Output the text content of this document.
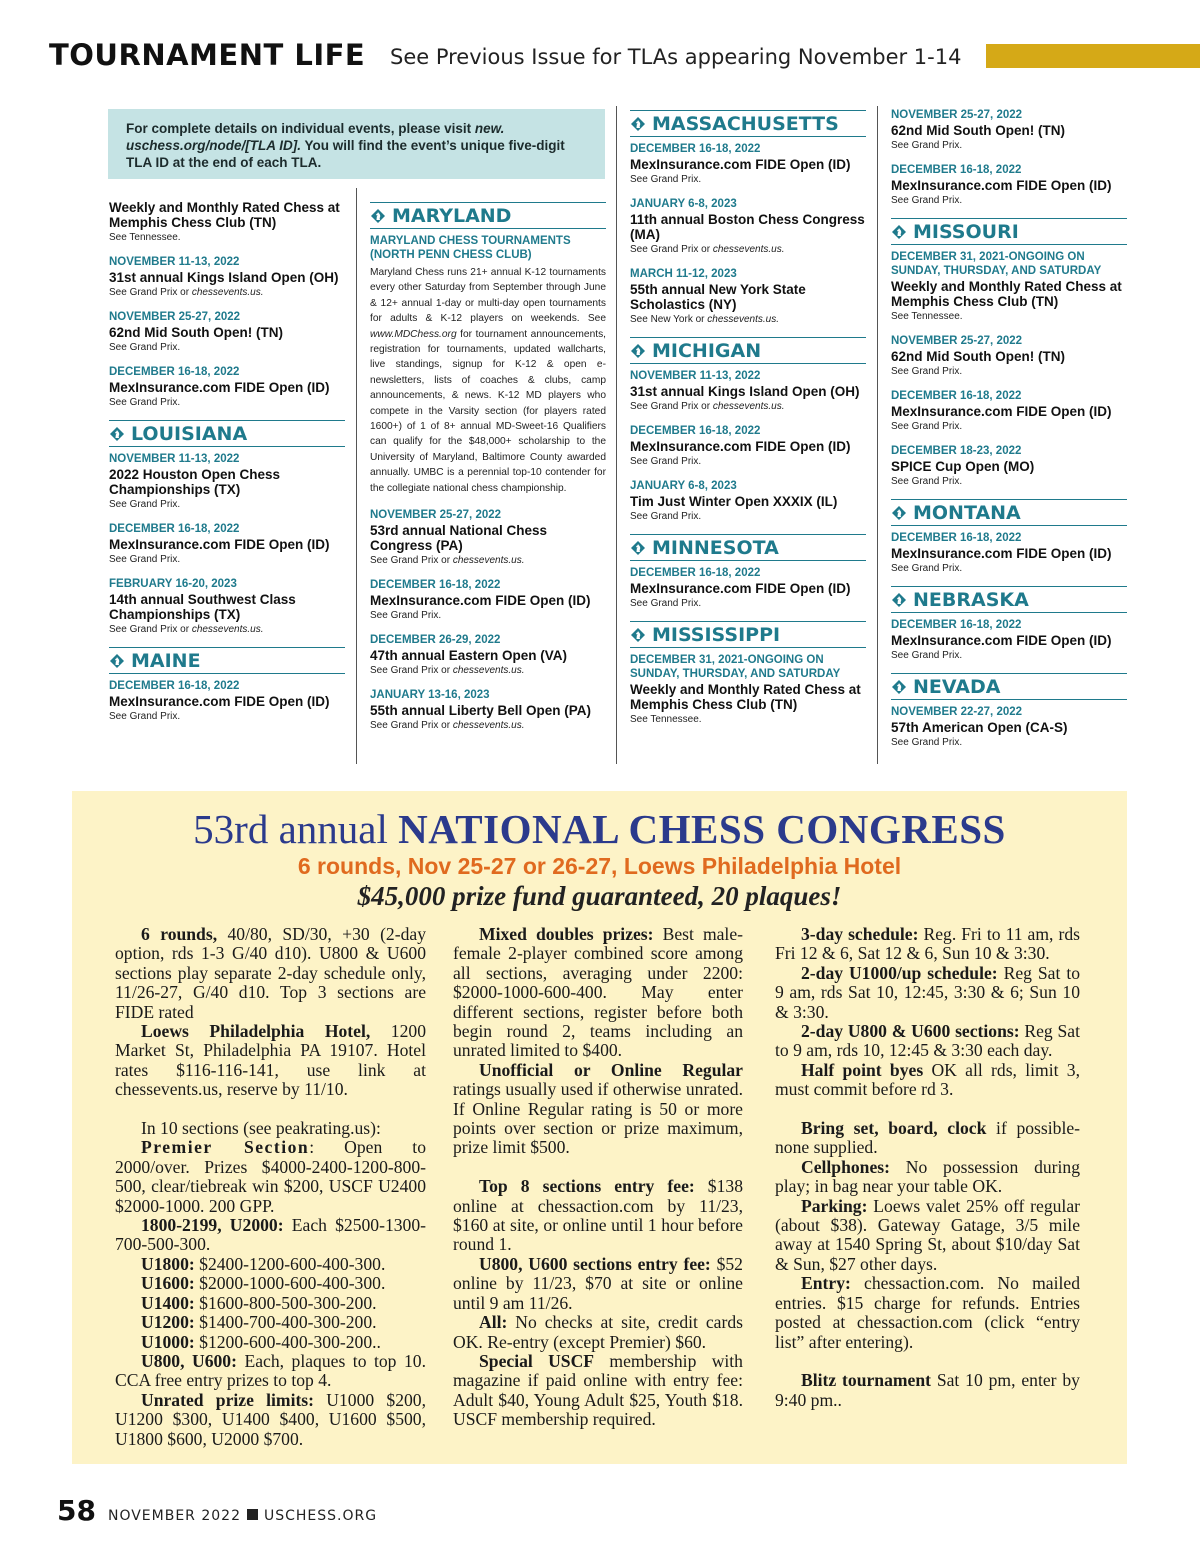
TOURNAMENT LIFE See Previous Issue for TLAs appearing November 1-14
For complete details on individual events, please visit new. uschess.org/node/[TLA ID]. You will find the event’s unique five-digit TLA ID at the end of each TLA.
Weekly and Monthly Rated Chess at Memphis Chess Club (TN)
See Tennessee.
NOVEMBER 11-13, 2022
31st annual Kings Island Open (OH)
See Grand Prix or chessevents.us.
NOVEMBER 25-27, 2022
62nd Mid South Open! (TN)
See Grand Prix.
DECEMBER 16-18, 2022
MexInsurance.com FIDE Open (ID)
See Grand Prix.
LOUISIANA
NOVEMBER 11-13, 2022
2022 Houston Open Chess Championships (TX)
See Grand Prix.
DECEMBER 16-18, 2022
MexInsurance.com FIDE Open (ID)
See Grand Prix.
FEBRUARY 16-20, 2023
14th annual Southwest Class Championships (TX)
See Grand Prix or chessevents.us.
MAINE
DECEMBER 16-18, 2022
MexInsurance.com FIDE Open (ID)
See Grand Prix.
MARYLAND
MARYLAND CHESS TOURNAMENTS (NORTH PENN CHESS CLUB)
Maryland Chess runs 21+ annual K-12 tournaments every other Saturday from September through June & 12+ annual 1-day or multi-day open tournaments for adults & K-12 players on weekends. See www.MDChess.org for tournament announcements, registration for tournaments, updated wallcharts, live standings, signup for K-12 & open e-newsletters, lists of coaches & clubs, camp announcements, & news. K-12 MD players who compete in the Varsity section (for players rated 1600+) of 1 of 8+ annual MD-Sweet-16 Qualifiers can qualify for the $48,000+ scholarship to the University of Maryland, Baltimore County awarded annually. UMBC is a perennial top-10 contender for the collegiate national chess championship.
NOVEMBER 25-27, 2022
53rd annual National Chess Congress (PA)
See Grand Prix or chessevents.us.
DECEMBER 16-18, 2022
MexInsurance.com FIDE Open (ID)
See Grand Prix.
DECEMBER 26-29, 2022
47th annual Eastern Open (VA)
See Grand Prix or chessevents.us.
JANUARY 13-16, 2023
55th annual Liberty Bell Open (PA)
See Grand Prix or chessevents.us.
MASSACHUSETTS
DECEMBER 16-18, 2022
MexInsurance.com FIDE Open (ID)
See Grand Prix.
JANUARY 6-8, 2023
11th annual Boston Chess Congress (MA)
See Grand Prix or chessevents.us.
MARCH 11-12, 2023
55th annual New York State Scholastics (NY)
See New York or chessevents.us.
MICHIGAN
NOVEMBER 11-13, 2022
31st annual Kings Island Open (OH)
See Grand Prix or chessevents.us.
DECEMBER 16-18, 2022
MexInsurance.com FIDE Open (ID)
See Grand Prix.
JANUARY 6-8, 2023
Tim Just Winter Open XXXIX (IL)
See Grand Prix.
MINNESOTA
DECEMBER 16-18, 2022
MexInsurance.com FIDE Open (ID)
See Grand Prix.
MISSISSIPPI
DECEMBER 31, 2021-ONGOING ON SUNDAY, THURSDAY, AND SATURDAY
Weekly and Monthly Rated Chess at Memphis Chess Club (TN)
See Tennessee.
NOVEMBER 25-27, 2022
62nd Mid South Open! (TN)
See Grand Prix.
DECEMBER 16-18, 2022
MexInsurance.com FIDE Open (ID)
See Grand Prix.
MISSOURI
DECEMBER 31, 2021-ONGOING ON SUNDAY, THURSDAY, AND SATURDAY
Weekly and Monthly Rated Chess at Memphis Chess Club (TN)
See Tennessee.
NOVEMBER 25-27, 2022
62nd Mid South Open! (TN)
See Grand Prix.
DECEMBER 16-18, 2022
MexInsurance.com FIDE Open (ID)
See Grand Prix.
DECEMBER 18-23, 2022
SPICE Cup Open (MO)
See Grand Prix.
MONTANA
DECEMBER 16-18, 2022
MexInsurance.com FIDE Open (ID)
See Grand Prix.
NEBRASKA
DECEMBER 16-18, 2022
MexInsurance.com FIDE Open (ID)
See Grand Prix.
NEVADA
NOVEMBER 22-27, 2022
57th American Open (CA-S)
See Grand Prix.
53rd annual NATIONAL CHESS CONGRESS
6 rounds, Nov 25-27 or 26-27, Loews Philadelphia Hotel
$45,000 prize fund guaranteed, 20 plaques!

6 rounds, 40/80, SD/30, +30 (2-day option, rds 1-3 G/40 d10). U800 & U600 sections play separate 2-day schedule only, 11/26-27, G/40 d10. Top 3 sections are FIDE rated

Loews Philadelphia Hotel, 1200 Market St, Philadelphia PA 19107. Hotel rates $116-116-141, use link at chessevents.us, reserve by 11/10.

In 10 sections (see peakrating.us):

Premier Section: Open to 2000/over. Prizes $4000-2400-1200-800-500, clear/tiebreak win $200, USCF U2400 $2000-1000. 200 GPP.

1800-2199, U2000: Each $2500-1300-700-500-300.

U1800: $2400-1200-600-400-300.

U1600: $2000-1000-600-400-300.

U1400: $1600-800-500-300-200.

U1200: $1400-700-400-300-200.

U1000: $1200-600-400-300-200..

U800, U600: Each, plaques to top 10. CCA free entry prizes to top 4.

Unrated prize limits: U1000 $200, U1200 $300, U1400 $400, U1600 $500, U1800 $600, U2000 $700.

Mixed doubles prizes: Best male-female 2-player combined score among all sections, averaging under 2200: $2000-1000-600-400. May enter different sections, register before both begin round 2, teams including an unrated limited to $400.

Unofficial or Online Regular ratings usually used if otherwise unrated. If Online Regular rating is 50 or more points over section or prize maximum, prize limit $500.

Top 8 sections entry fee: $138 online at chessaction.com by 11/23, $160 at site, or online until 1 hour before round 1.

U800, U600 sections entry fee: $52 online by 11/23, $70 at site or online until 9 am 11/26.

All: No checks at site, credit cards OK. Re-entry (except Premier) $60.

Special USCF membership with magazine if paid online with entry fee: Adult $40, Young Adult $25, Youth $18. USCF membership required.

3-day schedule: Reg. Fri to 11 am, rds Fri 12 & 6, Sat 12 & 6, Sun 10 & 3:30.

2-day U1000/up schedule: Reg Sat to 9 am, rds Sat 10, 12:45, 3:30 & 6; Sun 10 & 3:30.

2-day U800 & U600 sections: Reg Sat to 9 am, rds 10, 12:45 & 3:30 each day.

Half point byes OK all rds, limit 3, must commit before rd 3.

Bring set, board, clock if possible-none supplied.

Cellphones: No possession during play; in bag near your table OK.

Parking: Loews valet 25% off regular (about $38). Gateway Gatage, 3/5 mile away at 1540 Spring St, about $10/day Sat & Sun, $27 other days.

Entry: chessaction.com. No mailed entries. $15 charge for refunds. Entries posted at chessaction.com (click “entry list” after entering).

Blitz tournament Sat 10 pm, enter by 9:40 pm..

58 NOVEMBER 2022 USCHESS.ORG
